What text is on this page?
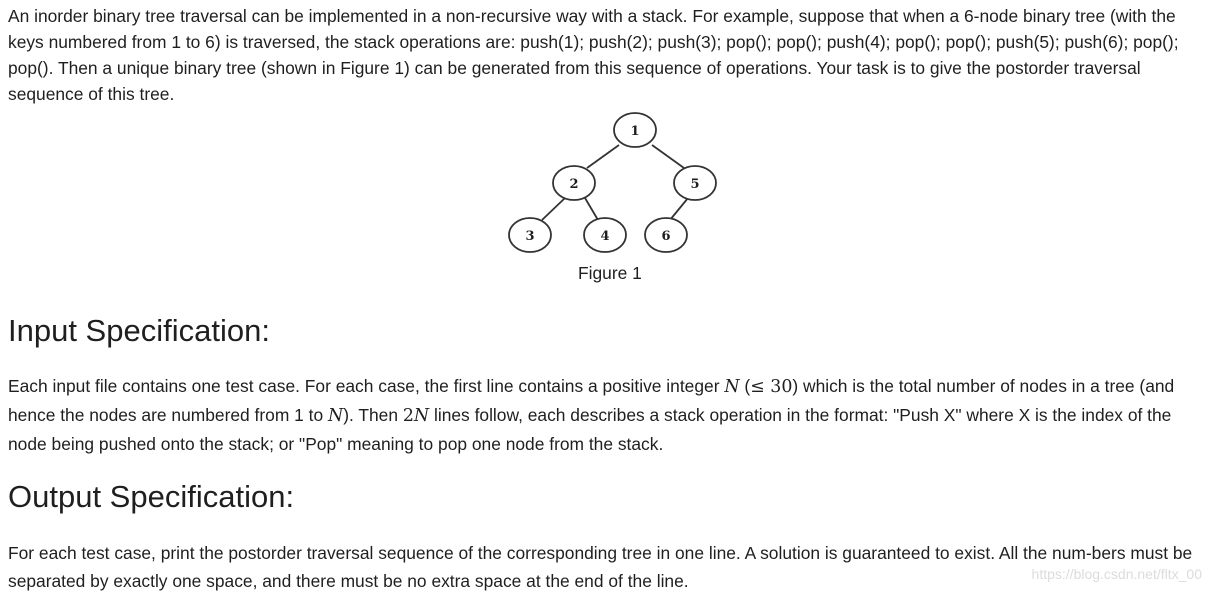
An inorder binary tree traversal can be implemented in a non-recursive way with a stack. For example, suppose that when a 6-node binary tree (with the keys numbered from 1 to 6) is traversed, the stack operations are: push(1); push(2); push(3); pop(); pop(); push(4); pop(); pop(); push(5); push(6); pop(); pop(). Then a unique binary tree (shown in Figure 1) can be generated from this sequence of operations. Your task is to give the postorder traversal sequence of this tree.

1
2	5
3	4	6
Figure 1
Input Specification:

Each input file contains one test case. For each case, the first line contains a positive integer N (≤ 30) which is the total number of nodes in a tree (and hence the nodes are numbered from 1 to N). Then 2N lines follow, each describes a stack operation in the format: "Push X" where X is the index of the node being pushed onto the stack; or "Pop" meaning to pop one node from the stack.

Output Specification:

For each test case, print the postorder traversal sequence of the corresponding tree in one line. A solution is guaranteed to exist. All the num-bers must be separated by exactly one space, and there must be no extra space at the end of the line.	https://blog.csdn.net/fltx_00
